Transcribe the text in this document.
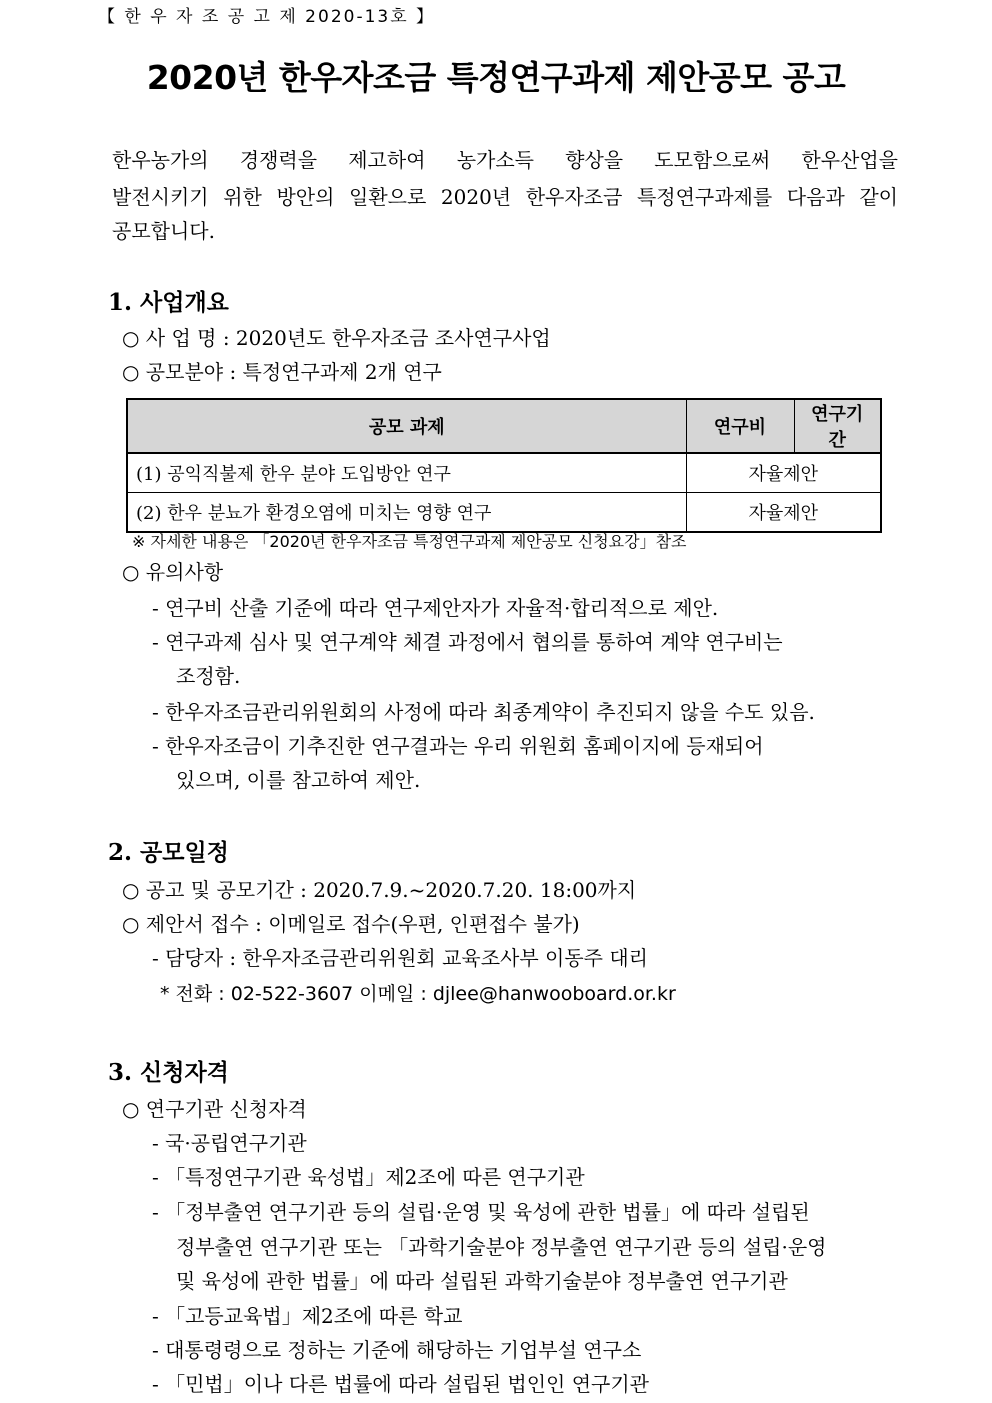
【 한 우 자 조 공 고 제 2020-13호 】
2020년 한우자조금 특정연구과제 제안공모 공고
한우농가의 경쟁력을 제고하여 농가소득 향상을 도모함으로써 한우산업을
발전시키기 위한 방안의 일환으로 2020년 한우자조금 특정연구과제를 다음과 같이
공모합니다.
1. 사업개요
○ 사 업 명 : 2020년도 한우자조금 조사연구사업
○ 공모분야 : 특정연구과제 2개 연구
공모 과제	연구비	연구기간
(1) 공익직불제 한우 분야 도입방안 연구	자율제안	
(2) 한우 분뇨가 환경오염에 미치는 영향 연구	자율제안	
※ 자세한 내용은 「2020년 한우자조금 특정연구과제 제안공모 신청요강」참조
○ 유의사항
- 연구비 산출 기준에 따라 연구제안자가 자율적·합리적으로 제안.
- 연구과제 심사 및 연구계약 체결 과정에서 협의를 통하여 계약 연구비는
조정함.
- 한우자조금관리위원회의 사정에 따라 최종계약이 추진되지 않을 수도 있음.
- 한우자조금이 기추진한 연구결과는 우리 위원회 홈페이지에 등재되어
있으며, 이를 참고하여 제안.
2. 공모일정
○ 공고 및 공모기간 : 2020.7.9.~2020.7.20. 18:00까지
○ 제안서 접수 : 이메일로 접수(우편, 인편접수 불가)
- 담당자 : 한우자조금관리위원회 교육조사부 이동주 대리
* 전화 : 02-522-3607 이메일 : djlee@hanwooboard.or.kr
3. 신청자격
○ 연구기관 신청자격
- 국·공립연구기관
- 「특정연구기관 육성법」제2조에 따른 연구기관
- 「정부출연 연구기관 등의 설립·운영 및 육성에 관한 법률」에 따라 설립된
정부출연 연구기관 또는 「과학기술분야 정부출연 연구기관 등의 설립·운영
및 육성에 관한 법률」에 따라 설립된 과학기술분야 정부출연 연구기관
- 「고등교육법」제2조에 따른 학교
- 대통령령으로 정하는 기준에 해당하는 기업부설 연구소
- 「민법」이나 다른 법률에 따라 설립된 법인인 연구기관
